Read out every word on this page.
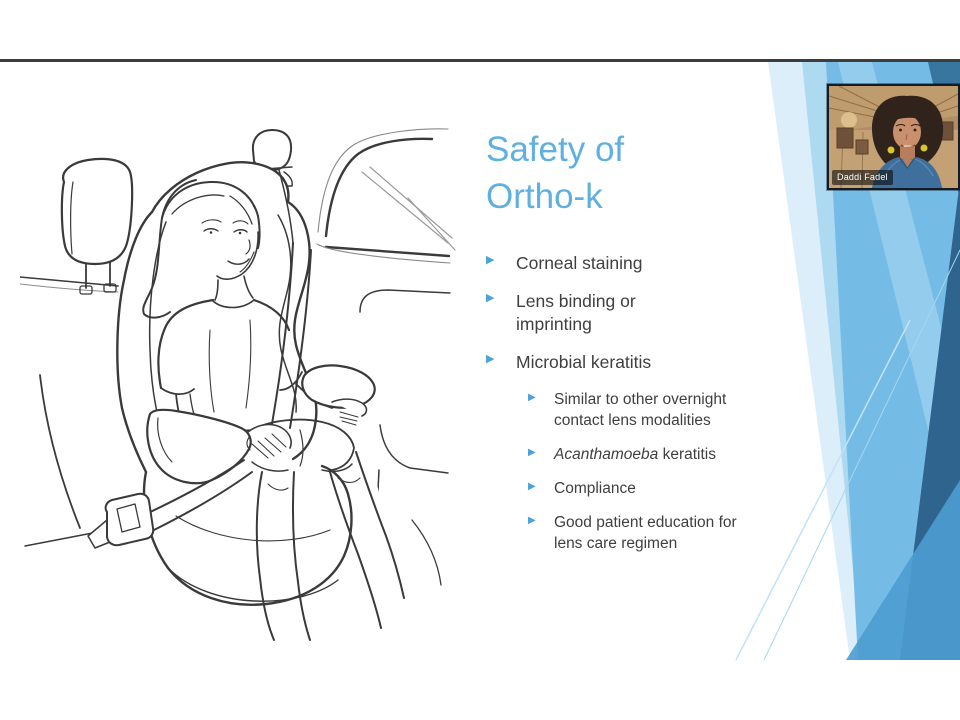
Safety of
Ortho-k
▶ Corneal staining
▶ Lens binding or imprinting
▶ Microbial keratitis
▶ Similar to other overnight contact lens modalities
▶ Acanthamoeba keratitis
▶ Compliance
▶ Good patient education for lens care regimen
Daddi Fadel
